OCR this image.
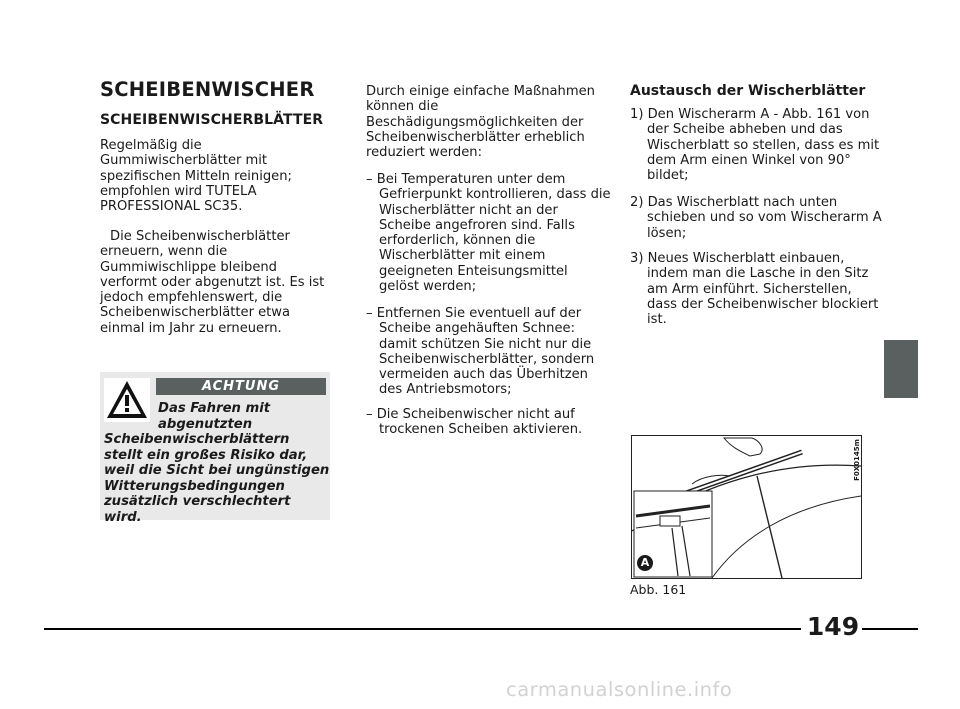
SCHEIBENWISCHER
SCHEIBENWISCHERBLÄTTER
Regelmäßig die Gummiwischerblätter mit spezifischen Mitteln reinigen; empfohlen wird TUTELA PROFESSIONAL SC35.
Die Scheibenwischerblätter erneuern, wenn die Gummiwischlippe bleibend verformt oder abgenutzt ist. Es ist jedoch empfehlenswert, die Scheibenwischerblätter etwa einmal im Jahr zu erneuern.
ACHTUNG
Das Fahren mit abgenutzten
Scheibenwischerblättern stellt ein großes Risiko dar, weil die Sicht bei ungünstigen Witterungsbedingungen zusätzlich verschlechtert wird.
Durch einige einfache Maßnahmen können die Beschädigungsmöglichkeiten der Scheibenwischerblätter erheblich reduziert werden:
– Bei Temperaturen unter dem Gefrierpunkt kontrollieren, dass die Wischerblätter nicht an der Scheibe angefroren sind. Falls erforderlich, können die Wischerblätter mit einem geeigneten Enteisungsmittel gelöst werden;
– Entfernen Sie eventuell auf der Scheibe angehäuften Schnee: damit schützen Sie nicht nur die Scheibenwischerblätter, sondern vermeiden auch das Überhitzen des Antriebsmotors;
– Die Scheibenwischer nicht auf trockenen Scheiben aktivieren.
Austausch der Wischerblätter
1) Den Wischerarm A - Abb. 161 von der Scheibe abheben und das Wischerblatt so stellen, dass es mit dem Arm einen Winkel von 90° bildet;
2) Das Wischerblatt nach unten schieben und so vom Wischerarm A lösen;
3) Neues Wischerblatt einbauen, indem man die Lasche in den Sitz am Arm einführt. Sicherstellen, dass der Scheibenwischer blockiert ist.
A
F0X0145m
Abb. 161
149
carmanualsonline.info
